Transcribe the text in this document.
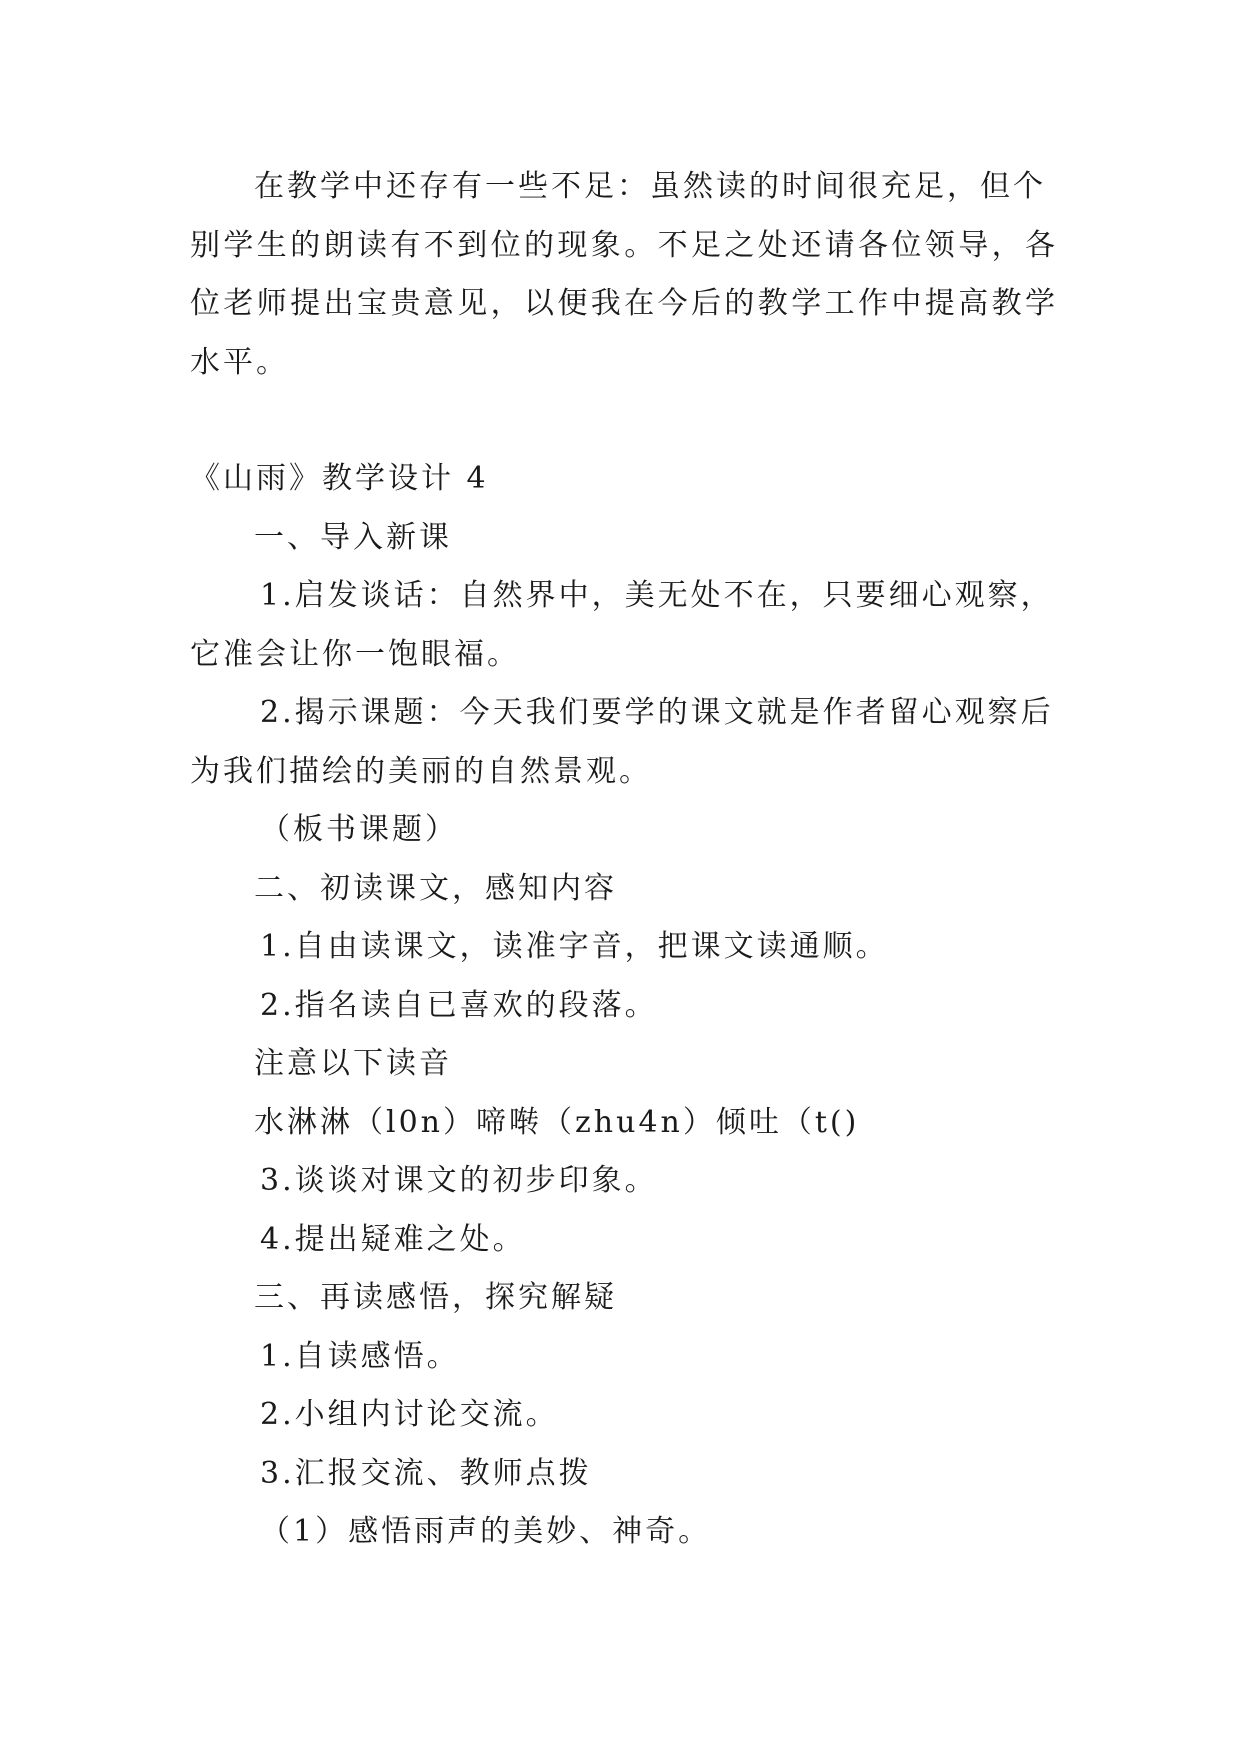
在教学中还存有一些不足：虽然读的时间很充足，但个

别学生的朗读有不到位的现象。不足之处还请各位领导，各

位老师提出宝贵意见，以便我在今后的教学工作中提高教学

水平。

《山雨》教学设计 4

一、导入新课

1.启发谈话：自然界中，美无处不在，只要细心观察，

它准会让你一饱眼福。

2.揭示课题：今天我们要学的课文就是作者留心观察后

为我们描绘的美丽的自然景观。

（板书课题）

二、初读课文，感知内容

1.自由读课文，读准字音，把课文读通顺。

2.指名读自已喜欢的段落。

注意以下读音

水淋淋（l0n）啼啭（zhu4n）倾吐（t()

3.谈谈对课文的初步印象。

4.提出疑难之处。

三、再读感悟，探究解疑

1.自读感悟。

2.小组内讨论交流。

3.汇报交流、教师点拨

（1）感悟雨声的美妙、神奇。
